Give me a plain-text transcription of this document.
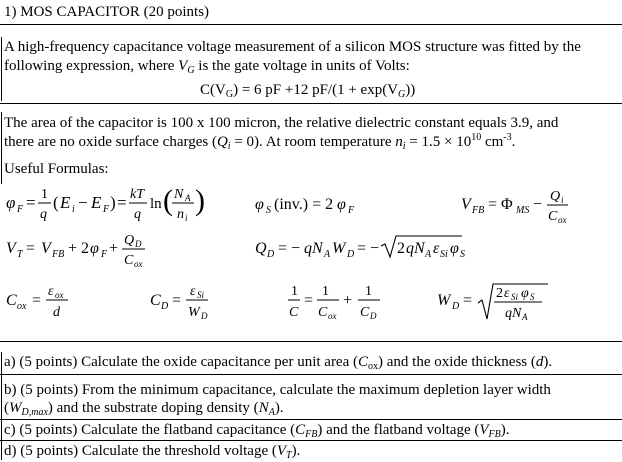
1) MOS CAPACITOR (20 points)
A high-frequency capacitance voltage measurement of a silicon MOS structure was fitted by the
following expression, where $V_G$ is the gate voltage in units of Volts:
$C(V_G) = 6$ pF +12 $pF/(1 + \exp(V_G))$
The area of the capacitor is 100 x 100 micron, the relative dielectric constant equals 3.9, and
there are no oxide surface charges $(Q_i = 0)$. At room temperature $n_i = 1.5 \times 10^{10}$ $cm^{-3}$.
Useful Formulas:
φ F = 1
q
( E i − E F ) = kT
q
ln ( N A
n i
)	φ S (inv.) = 2 φ F	V FB = Φ MS − Q i
C ox
V T = V FB + 2 φ F + Q D
C ox
Q D = − qN A W D = − 2 qN A ε Si φ S
C ox =
ε ox
d
C D =
ε Si
W D
1
C
=
1
C ox
+
1
C D
W D = 2 ε Si φ S
qN A
a) (5 points) Calculate the oxide capacitance per unit area $(C_{ox})$ and the oxide thickness (d).
b) (5 points) From the minimum capacitance, calculate the maximum depletion layer width
$(W_{D,max})$ and the substrate doping density $(N_A)$.
c) (5 points) Calculate the flatband capacitance $(C_{FB})$ and the flatband voltage $(V_{FB})$.
d) (5 points) Calculate the threshold voltage $(V_T)$.
